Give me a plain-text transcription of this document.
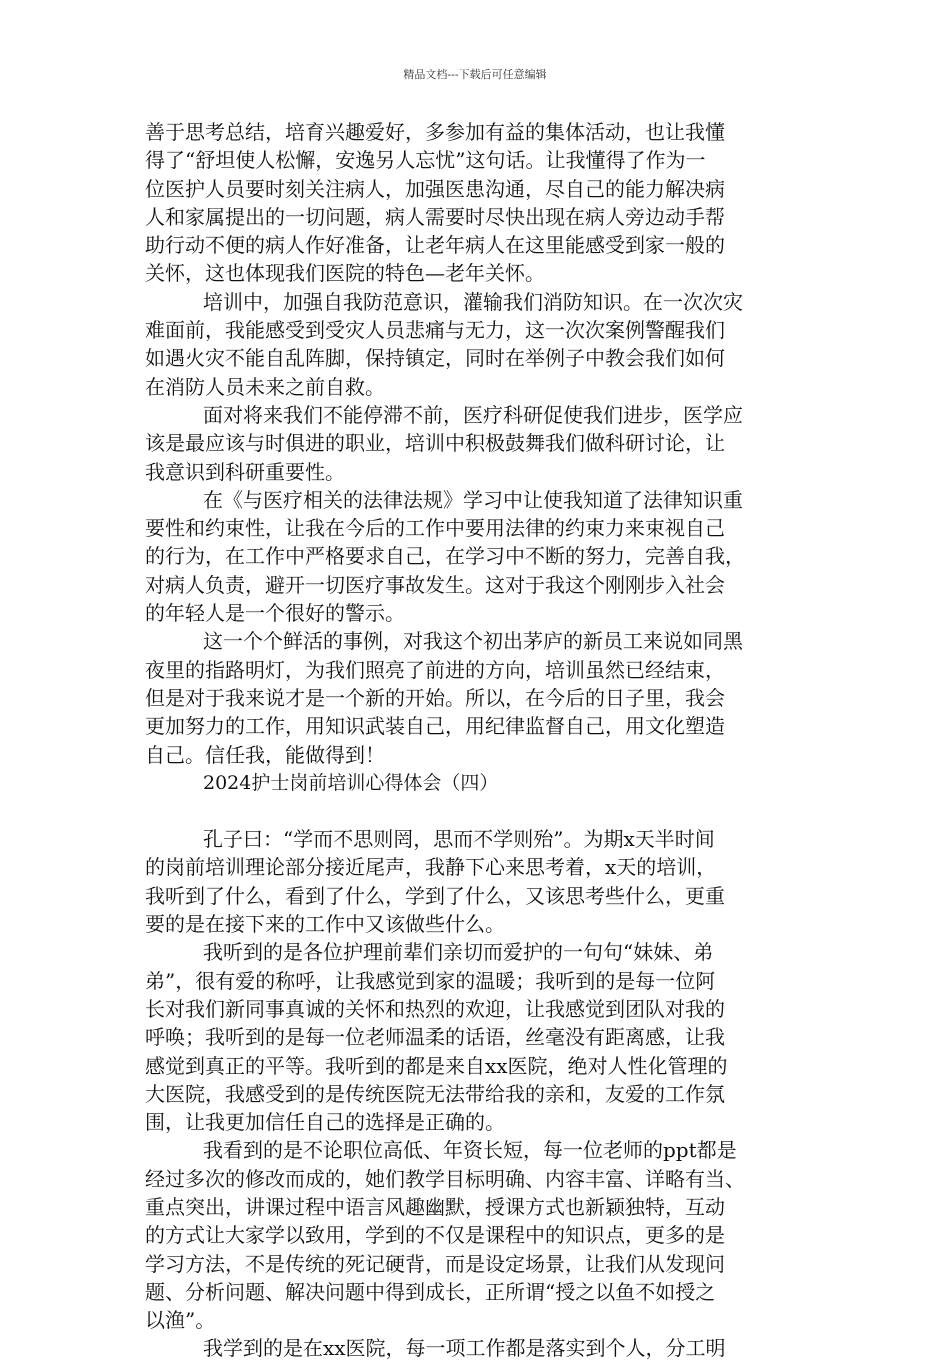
精品文档---下载后可任意编辑
善于思考总结，培育兴趣爱好，多参加有益的集体活动，也让我懂
得了“舒坦使人松懈，安逸另人忘忧”这句话。让我懂得了作为一
位医护人员要时刻关注病人，加强医患沟通，尽自己的能力解决病
人和家属提出的一切问题，病人需要时尽快出现在病人旁边动手帮
助行动不便的病人作好准备，让老年病人在这里能感受到家一般的
关怀，这也体现我们医院的特色—老年关怀。
培训中，加强自我防范意识，灌输我们消防知识。在一次次灾
难面前，我能感受到受灾人员悲痛与无力，这一次次案例警醒我们
如遇火灾不能自乱阵脚，保持镇定，同时在举例子中教会我们如何
在消防人员未来之前自救。
面对将来我们不能停滞不前，医疗科研促使我们进步，医学应
该是最应该与时俱进的职业，培训中积极鼓舞我们做科研讨论，让
我意识到科研重要性。
在《与医疗相关的法律法规》学习中让使我知道了法律知识重
要性和约束性，让我在今后的工作中要用法律的约束力来束视自己
的行为，在工作中严格要求自己，在学习中不断的努力，完善自我，
对病人负责，避开一切医疗事故发生。这对于我这个刚刚步入社会
的年轻人是一个很好的警示。
这一个个鲜活的事例，对我这个初出茅庐的新员工来说如同黑
夜里的指路明灯，为我们照亮了前进的方向，培训虽然已经结束，
但是对于我来说才是一个新的开始。所以，在今后的日子里，我会
更加努力的工作，用知识武装自己，用纪律监督自己，用文化塑造
自己。信任我，能做得到！
2024护士岗前培训心得体会（四）
孔子曰：“学而不思则罔，思而不学则殆”。为期x天半时间
的岗前培训理论部分接近尾声，我静下心来思考着，x天的培训，
我听到了什么，看到了什么，学到了什么，又该思考些什么，更重
要的是在接下来的工作中又该做些什么。
我听到的是各位护理前辈们亲切而爱护的一句句“妹妹、弟
弟”，很有爱的称呼，让我感觉到家的温暖；我听到的是每一位阿
长对我们新同事真诚的关怀和热烈的欢迎，让我感觉到团队对我的
呼唤；我听到的是每一位老师温柔的话语，丝毫没有距离感，让我
感觉到真正的平等。我听到的都是来自xx医院，绝对人性化管理的
大医院，我感受到的是传统医院无法带给我的亲和，友爱的工作氛
围，让我更加信任自己的选择是正确的。
我看到的是不论职位高低、年资长短，每一位老师的ppt都是
经过多次的修改而成的，她们教学目标明确、内容丰富、详略有当、
重点突出，讲课过程中语言风趣幽默，授课方式也新颖独特，互动
的方式让大家学以致用，学到的不仅是课程中的知识点，更多的是
学习方法，不是传统的死记硬背，而是设定场景，让我们从发现问
题、分析问题、解决问题中得到成长，正所谓“授之以鱼不如授之
以渔”。
我学到的是在xx医院，每一项工作都是落实到个人，分工明
